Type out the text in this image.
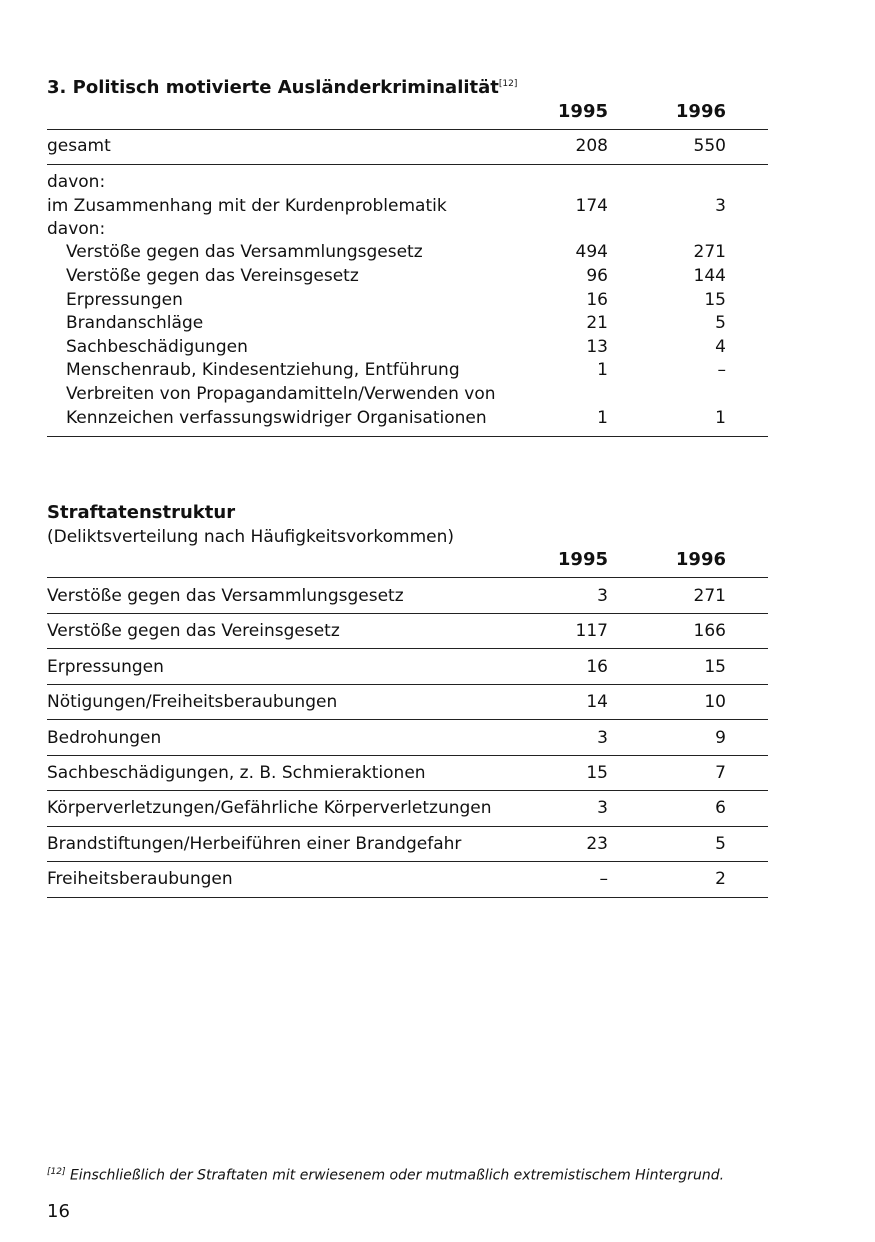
3. Politisch motivierte Ausländerkriminalität[12]
1995	1996
gesamt	208	550
davon:
im Zusammenhang mit der Kurdenproblematik	174	3
davon:
Verstöße gegen das Versammlungsgesetz	494	271
Verstöße gegen das Vereinsgesetz	96	144
Erpressungen	16	15
Brandanschläge	21	5
Sachbeschädigungen	13	4
Menschenraub, Kindesentziehung, Entführung	1	–
Verbreiten von Propagandamitteln/Verwenden von
Kennzeichen verfassungswidriger Organisationen	1	1
Straftatenstruktur
(Deliktsverteilung nach Häufigkeitsvorkommen)
1995	1996
Verstöße gegen das Versammlungsgesetz	3	271
Verstöße gegen das Vereinsgesetz	117	166
Erpressungen	16	15
Nötigungen/Freiheitsberaubungen	14	10
Bedrohungen	3	9
Sachbeschädigungen, z. B. Schmieraktionen	15	7
Körperverletzungen/Gefährliche Körperverletzungen	3	6
Brandstiftungen/Herbeiführen einer Brandgefahr	23	5
Freiheitsberaubungen	–	2
[12] Einschließlich der Straftaten mit erwiesenem oder mutmaßlich extremistischem Hintergrund.
16
